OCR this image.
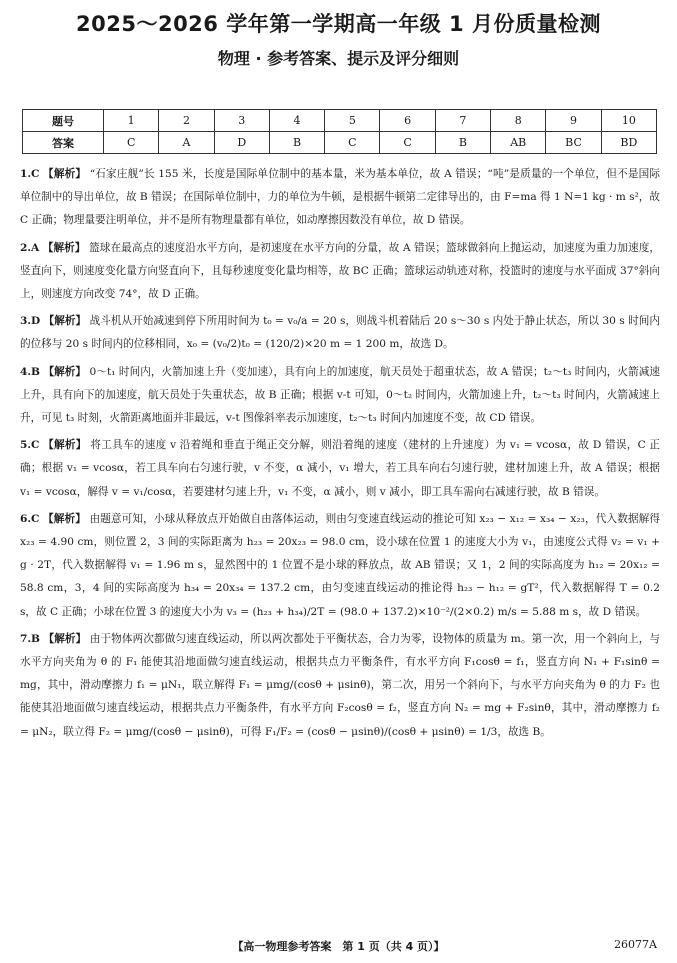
2025～2026 学年第一学期高一年级 1 月份质量检测
物理 · 参考答案、提示及评分细则
题号	1	2	3	4	5	6	7	8	9	10
答案	C	A	D	B	C	C	B	AB	BC	BD

1.C 【解析】 “石家庄舰”长 155 米，长度是国际单位制中的基本量，米为基本单位，故 A 错误；“吨”是质量的一个单位，但不是国际单位制中的导出单位，故 B 错误；在国际单位制中，力的单位为牛顿，是根据牛顿第二定律导出的，由 F=ma 得 1 N=1 kg · m s²，故 C 正确；物理量要注明单位，并不是所有物理量都有单位，如动摩擦因数没有单位，故 D 错误。

2.A 【解析】 篮球在最高点的速度沿水平方向，是初速度在水平方向的分量，故 A 错误；篮球做斜向上抛运动，加速度为重力加速度，竖直向下，则速度变化量方向竖直向下，且每秒速度变化量均相等，故 BC 正确；篮球运动轨迹对称，投篮时的速度与水平面成 37°斜向上，则速度方向改变 74°，故 D 正确。

3.D 【解析】 战斗机从开始减速到停下所用时间为 t₀ = v₀/a = 20 s，则战斗机着陆后 20 s～30 s 内处于静止状态，所以 30 s 时间内的位移与 20 s 时间内的位移相同，x₀ = (v₀/2)t₀ = (120/2)×20 m = 1 200 m，故选 D。

4.B 【解析】 0～t₁ 时间内，火箭加速上升（变加速），具有向上的加速度，航天员处于超重状态，故 A 错误；t₂～t₃ 时间内，火箭减速上升，具有向下的加速度，航天员处于失重状态，故 B 正确；根据 v-t 可知，0～t₂ 时间内，火箭加速上升，t₂～t₃ 时间内，火箭减速上升，可见 t₃ 时刻，火箭距离地面并非最远，v-t 图像斜率表示加速度，t₂～t₃ 时间内加速度不变，故 CD 错误。

5.C 【解析】 将工具车的速度 v 沿着绳和垂直于绳正交分解，则沿着绳的速度（建材的上升速度）为 v₁ = vcosα，故 D 错误，C 正确；根据 v₁ = vcosα，若工具车向右匀速行驶，v 不变，α 减小，v₁ 增大，若工具车向右匀速行驶，建材加速上升，故 A 错误；根据 v₁ = vcosα，解得 v = v₁/cosα，若要建材匀速上升，v₁ 不变，α 减小，则 v 减小，即工具车需向右减速行驶，故 B 错误。

6.C 【解析】 由题意可知，小球从释放点开始做自由落体运动，则由匀变速直线运动的推论可知 x₂₃ − x₁₂ = x₃₄ − x₂₃，代入数据解得 x₂₃ = 4.90 cm，则位置 2，3 间的实际距离为 h₂₃ = 20x₂₃ = 98.0 cm，设小球在位置 1 的速度大小为 v₁，由速度公式得 v₂ = v₁ + g · 2T，代入数据解得 v₁ = 1.96 m s，显然图中的 1 位置不是小球的释放点，故 AB 错误；又 1，2 间的实际高度为 h₁₂ = 20x₁₂ = 58.8 cm，3，4 间的实际高度为 h₃₄ = 20x₃₄ = 137.2 cm，由匀变速直线运动的推论得 h₂₃ − h₁₂ = gT²，代入数据解得 T = 0.2 s，故 C 正确；小球在位置 3 的速度大小为 v₃ = (h₂₃ + h₃₄)/2T = (98.0 + 137.2)×10⁻²/(2×0.2) m/s = 5.88 m s，故 D 错误。

7.B 【解析】 由于物体两次都做匀速直线运动，所以两次都处于平衡状态，合力为零，设物体的质量为 m。第一次，用一个斜向上，与水平方向夹角为 θ 的 F₁ 能使其沿地面做匀速直线运动，根据共点力平衡条件，有水平方向 F₁cosθ = f₁，竖直方向 N₁ + F₁sinθ = mg，其中，滑动摩擦力 f₁ = μN₁，联立解得 F₁ = μmg/(cosθ + μsinθ)，第二次，用另一个斜向下，与水平方向夹角为 θ 的力 F₂ 也能使其沿地面做匀速直线运动，根据共点力平衡条件，有水平方向 F₂cosθ = f₂，竖直方向 N₂ = mg + F₂sinθ，其中，滑动摩擦力 f₂ = μN₂，联立得 F₂ = μmg/(cosθ − μsinθ)，可得 F₁/F₂ = (cosθ − μsinθ)/(cosθ + μsinθ) = 1/3，故选 B。

【高一物理参考答案　第 1 页（共 4 页）】	26077A
